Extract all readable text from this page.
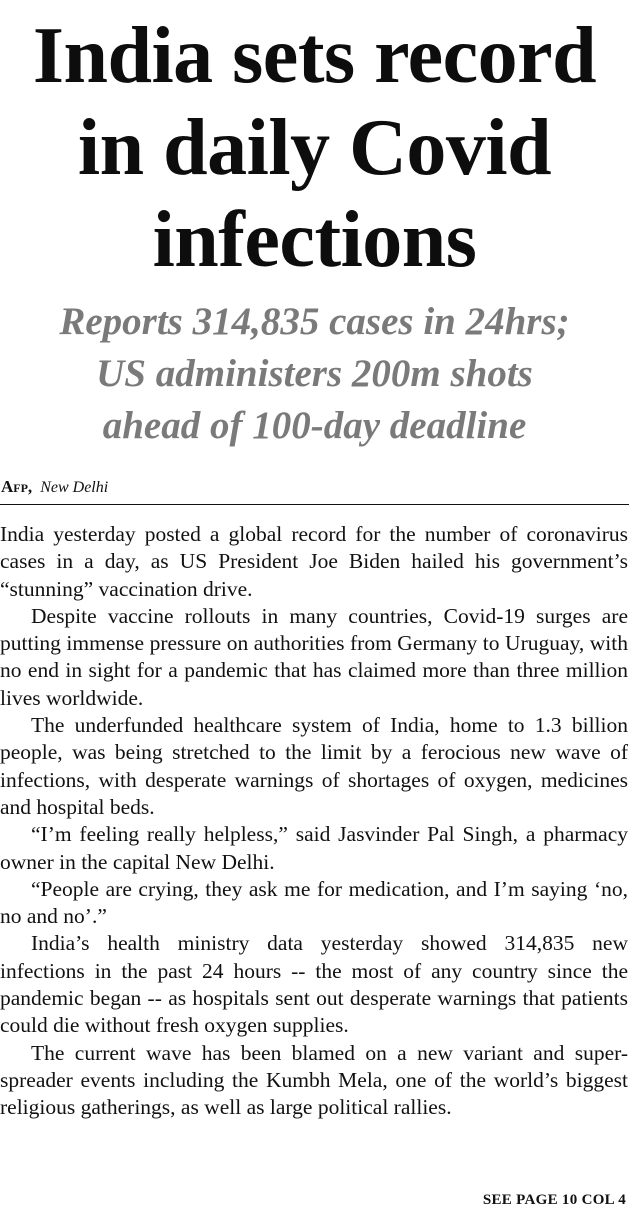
India sets record
in daily Covid
infections
Reports 314,835 cases in 24hrs;
US administers 200m shots
ahead of 100-day deadline
Afp, New Delhi

India yesterday posted a global record for the number of coronavirus cases in a day, as US President Joe Biden hailed his government’s “stunning” vaccination drive.

Despite vaccine rollouts in many countries, Covid-19 surges are putting immense pressure on authorities from Germany to Uruguay, with no end in sight for a pandemic that has claimed more than three million lives worldwide.

The underfunded healthcare system of India, home to 1.3 billion people, was being stretched to the limit by a ferocious new wave of infections, with desperate warnings of shortages of oxygen, medicines and hospital beds.

“I’m feeling really helpless,” said Jasvinder Pal Singh, a pharmacy owner in the capital New Delhi.

“People are crying, they ask me for medication, and I’m saying ‘no, no and no’.”

India’s health ministry data yesterday showed 314,835 new infections in the past 24 hours -- the most of any country since the pandemic began -- as hospitals sent out desperate warnings that patients could die without fresh oxygen supplies.

The current wave has been blamed on a new variant and super-spreader events including the Kumbh Mela, one of the world’s biggest religious gatherings, as well as large political rallies.

SEE PAGE 10 COL 4
